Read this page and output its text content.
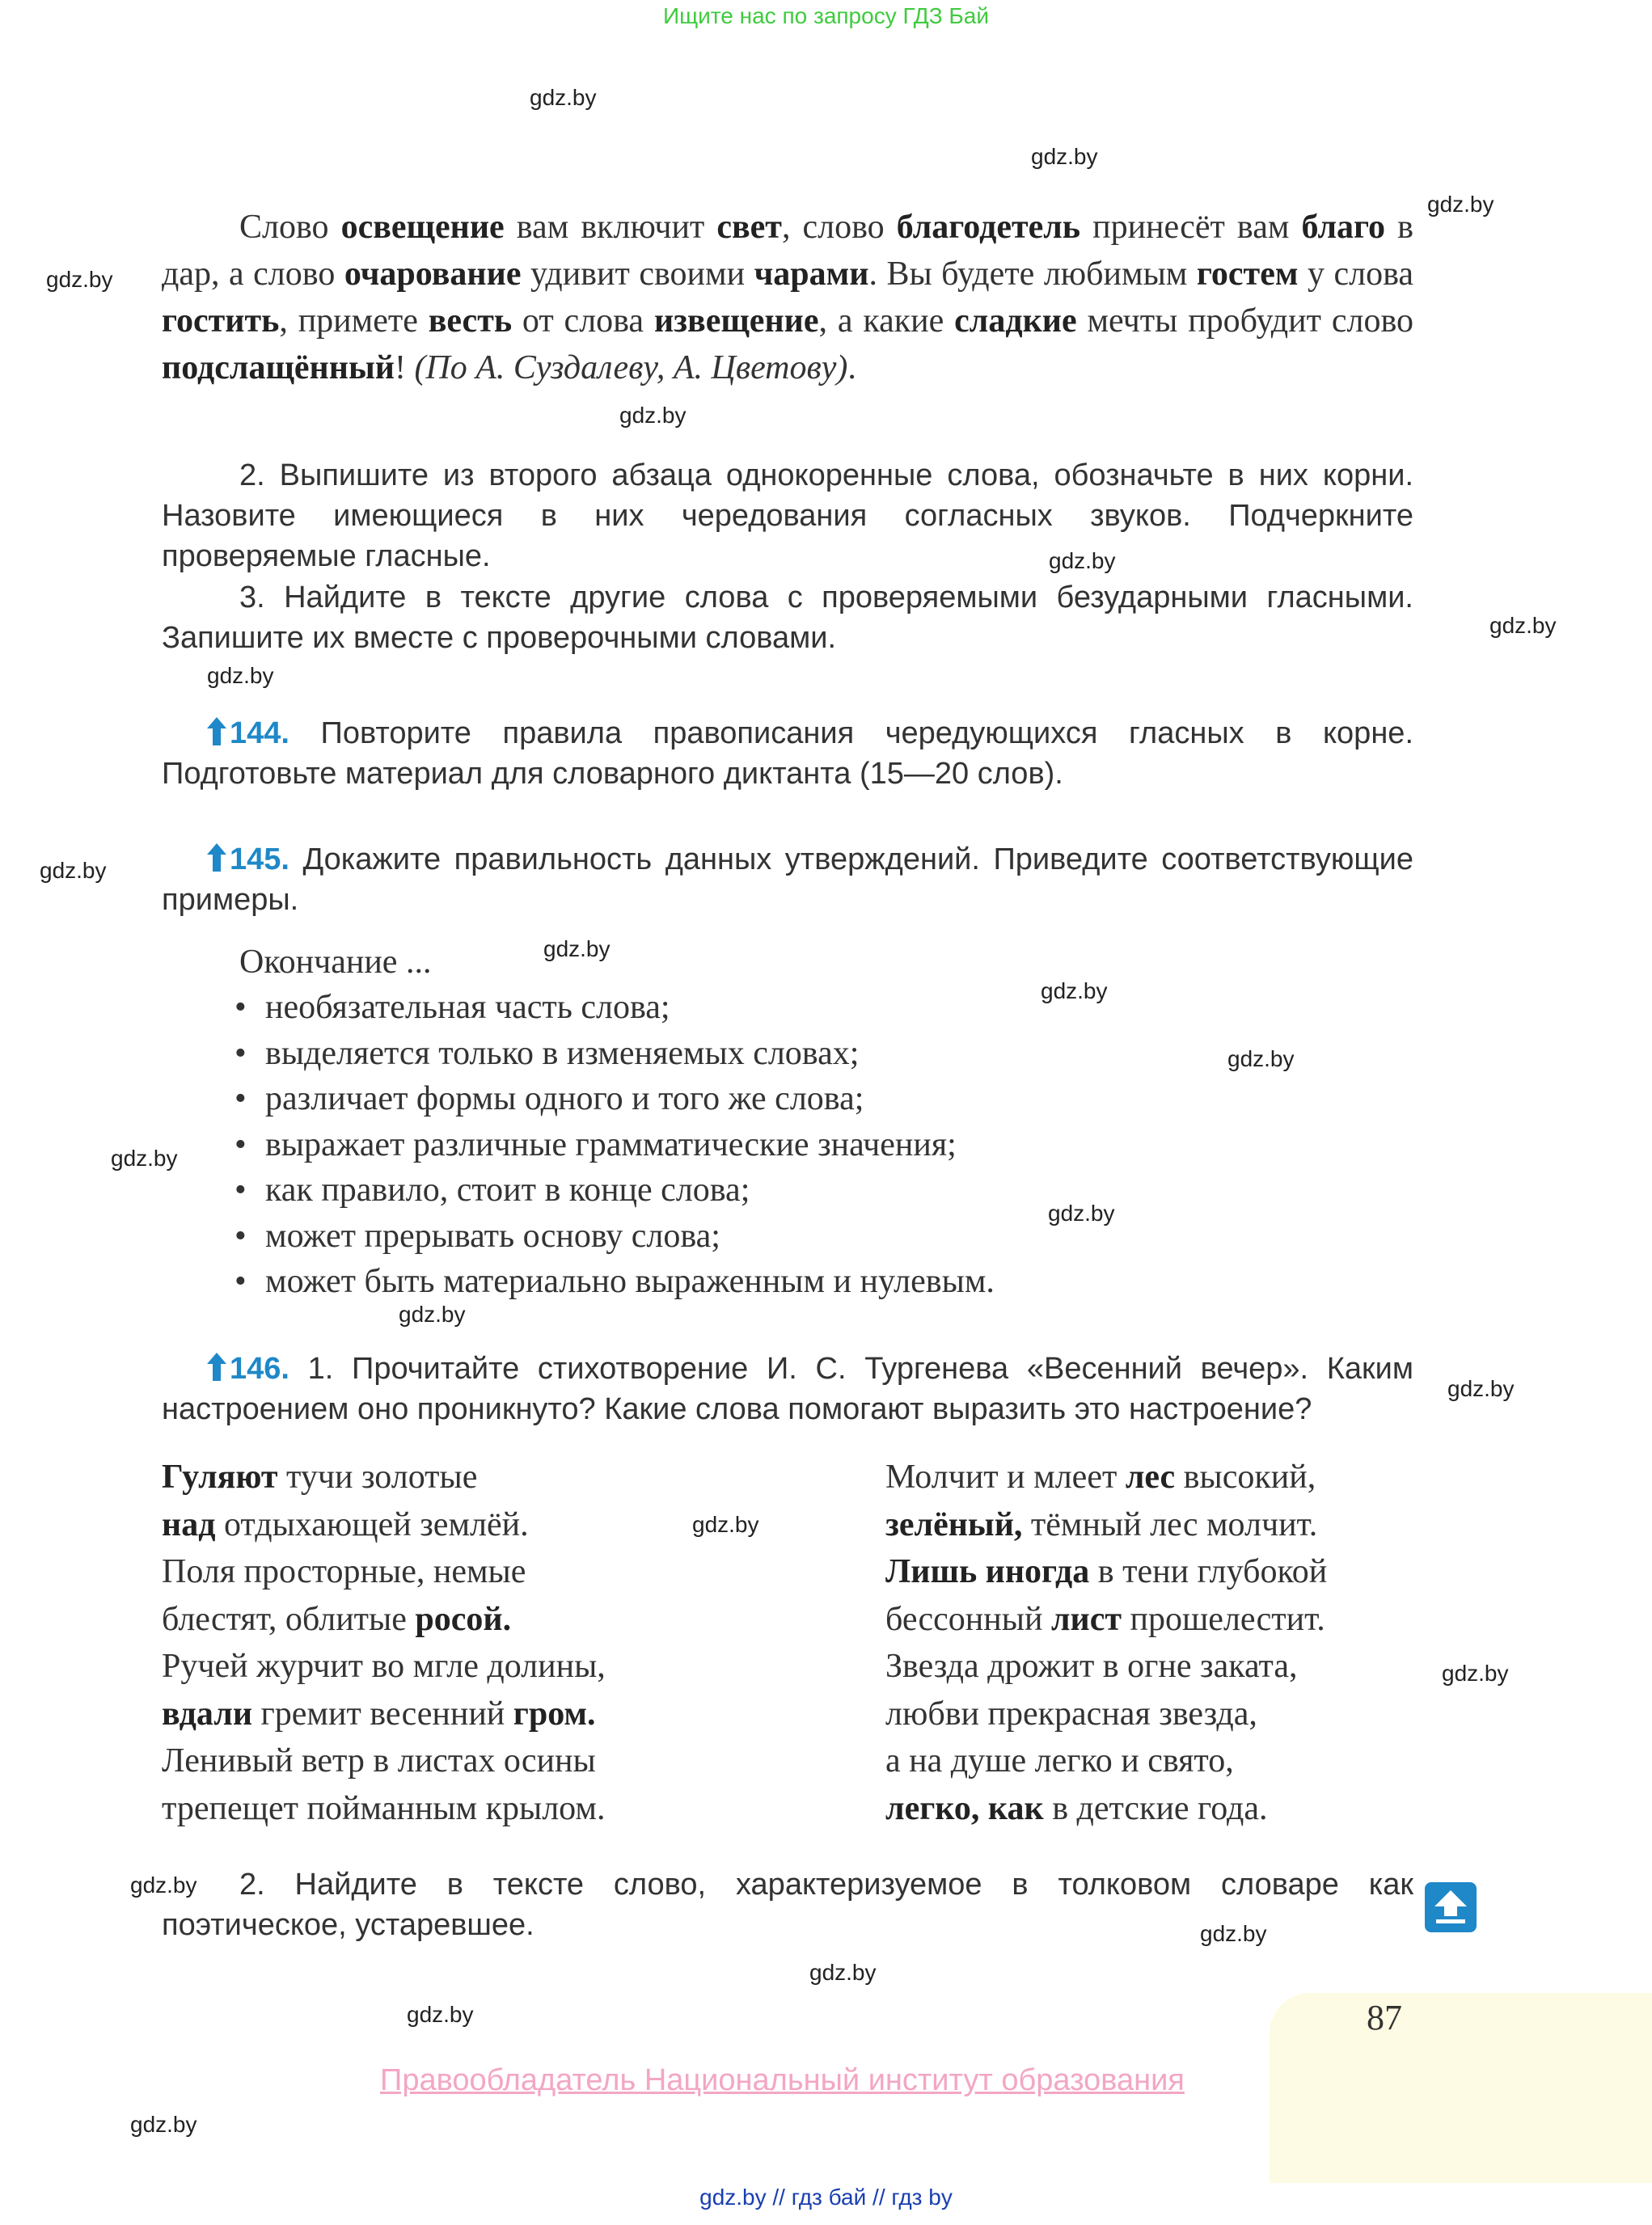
Ищите нас по запросу ГДЗ Бай
gdz.by
gdz.by
gdz.by
gdz.by
gdz.by
gdz.by
gdz.by
gdz.by
gdz.by
gdz.by
gdz.by
gdz.by
gdz.by
gdz.by
gdz.by
gdz.by
gdz.by
gdz.by
gdz.by
gdz.by
gdz.by
gdz.by
gdz.by
Слово освещение вам включит свет, слово благодетель принесёт вам благо в дар, а слово очарование удивит своими чарами. Вы будете любимым гостем у слова гостить, примете весть от слова извещение, а какие сладкие мечты пробудит слово подслащённый! (По А. Суздалеву, А. Цветову).
2. Выпишите из второго абзаца однокоренные слова, обозначьте в них корни. Назовите имеющиеся в них чередования согласных звуков. Подчеркните проверяемые гласные.
3. Найдите в тексте другие слова с проверяемыми безударными гласными. Запишите их вместе с проверочными словами.
144. Повторите правила правописания чередующихся гласных в корне. Подготовьте материал для словарного диктанта (15—20 слов).
145. Докажите правильность данных утверждений. Приведите соответствующие примеры.
Окончание ...
• необязательная часть слова;
• выделяется только в изменяемых словах;
• различает формы одного и того же слова;
• выражает различные грамматические значения;
• как правило, стоит в конце слова;
• может прерывать основу слова;
• может быть материально выраженным и нулевым.
146. 1. Прочитайте стихотворение И. С. Тургенева «Весенний вечер». Каким настроением оно проникнуто? Какие слова помогают выразить это настроение?
Гуляют тучи золотые
над отдыхающей землёй.
Поля просторные, немые
блестят, облитые росой.
Ручей журчит во мгле долины,
вдали гремит весенний гром.
Ленивый ветр в листах осины
трепещет пойманным крылом.
Молчит и млеет лес высокий,
зелёный, тёмный лес молчит.
Лишь иногда в тени глубокой
бессонный лист прошелестит.
Звезда дрожит в огне заката,
любви прекрасная звезда,
а на душе легко и свято,
легко, как в детские года.
2. Найдите в тексте слово, характеризуемое в толковом словаре как поэтическое, устаревшее.
87
Правообладатель Национальный институт образования
gdz.by // гдз бай // гдз by
